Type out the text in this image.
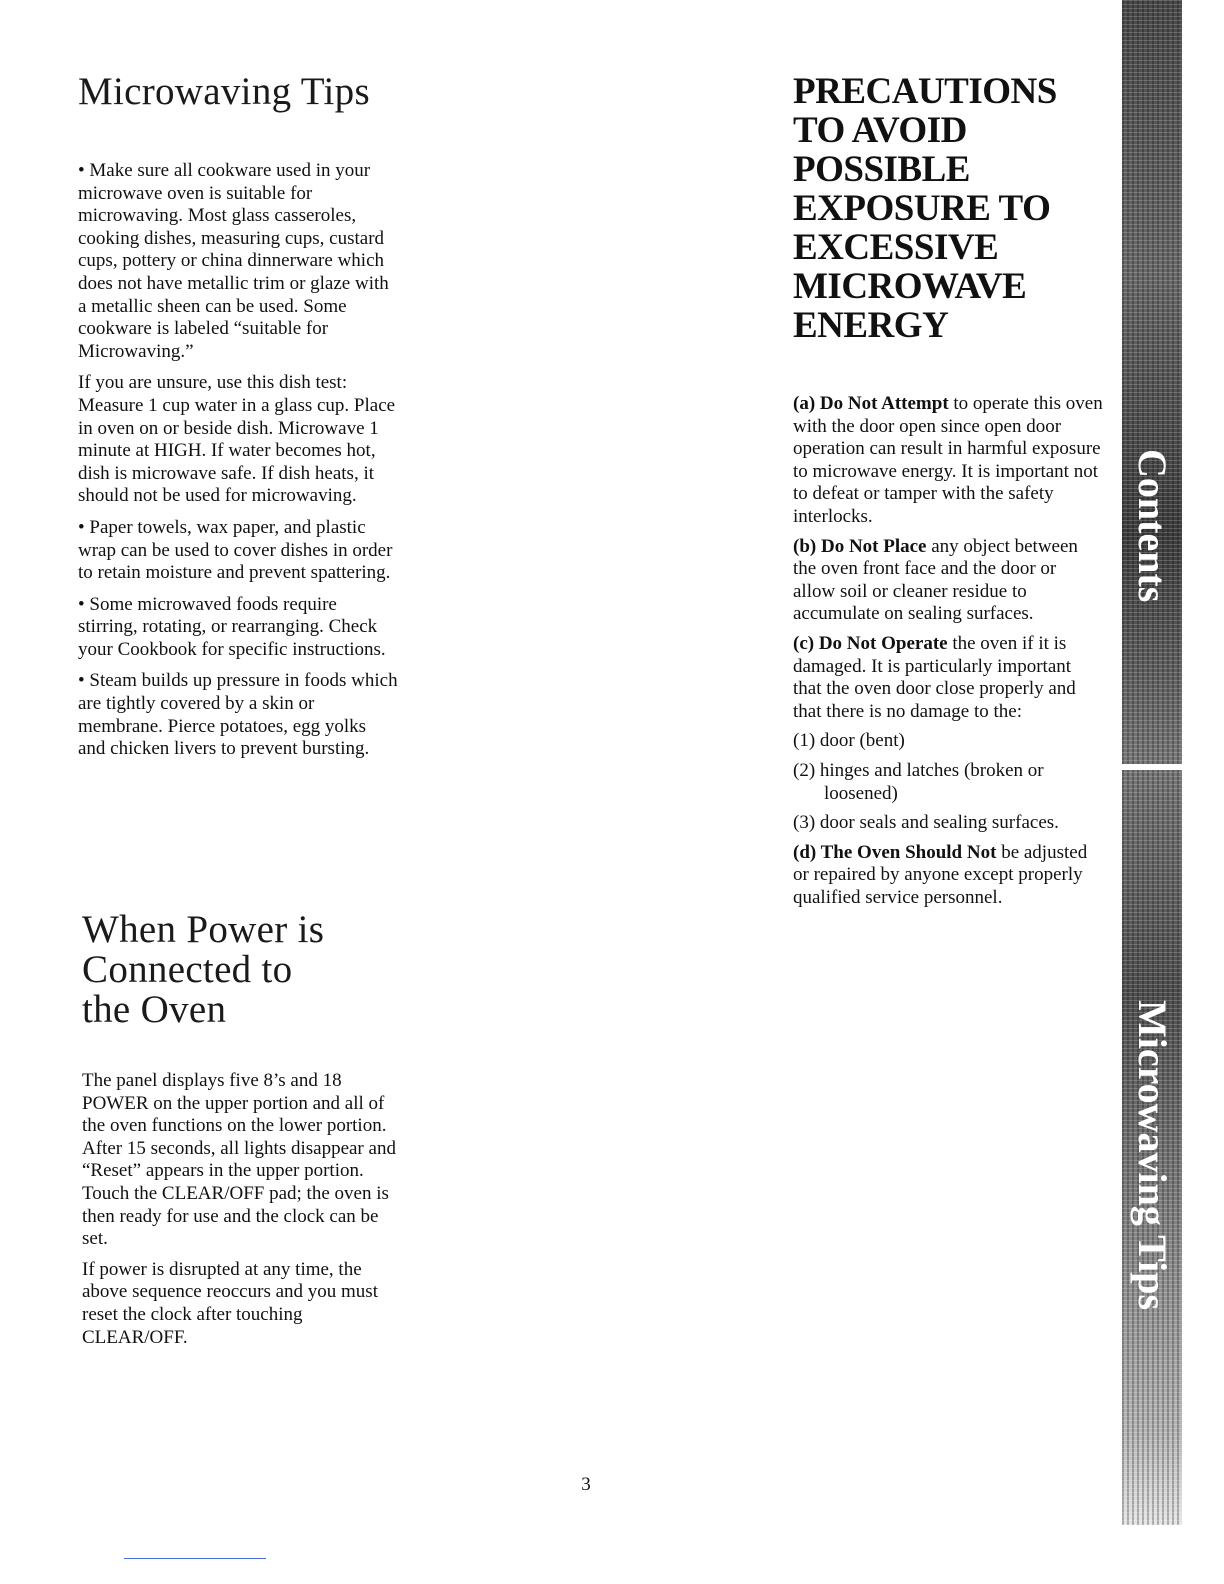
Microwaving Tips

• Make sure all cookware used in your microwave oven is suitable for microwaving. Most glass casseroles, cooking dishes, measuring cups, custard cups, pottery or china dinnerware which does not have metallic trim or glaze with a metallic sheen can be used. Some cookware is labeled “suitable for Microwaving.”

If you are unsure, use this dish test: Measure 1 cup water in a glass cup. Place in oven on or beside dish. Microwave 1 minute at HIGH. If water becomes hot, dish is microwave safe. If dish heats, it should not be used for microwaving.

• Paper towels, wax paper, and plastic wrap can be used to cover dishes in order to retain moisture and prevent spattering.

• Some microwaved foods require stirring, rotating, or rearranging. Check your Cookbook for specific instructions.

• Steam builds up pressure in foods which are tightly covered by a skin or membrane. Pierce potatoes, egg yolks and chicken livers to prevent bursting.

When Power is
Connected to
the Oven

The panel displays five 8’s and 18 POWER on the upper portion and all of the oven functions on the lower portion. After 15 seconds, all lights disappear and “Reset” appears in the upper portion. Touch the CLEAR/OFF pad; the oven is then ready for use and the clock can be set.

If power is disrupted at any time, the above sequence reoccurs and you must reset the clock after touching CLEAR/OFF.

PRECAUTIONS
TO AVOID
POSSIBLE
EXPOSURE TO
EXCESSIVE
MICROWAVE
ENERGY

(a) Do Not Attempt to operate this oven with the door open since open door operation can result in harmful exposure to microwave energy. It is important not to defeat or tamper with the safety interlocks.

(b) Do Not Place any object between the oven front face and the door or allow soil or cleaner residue to accumulate on sealing surfaces.

(c) Do Not Operate the oven if it is damaged. It is particularly important that the oven door close properly and that there is no damage to the:

(1) door (bent)

(2) hinges and latches (broken or loosened)

(3) door seals and sealing surfaces.

(d) The Oven Should Not be adjusted or repaired by anyone except properly qualified service personnel.

Contents
Microwaving Tips
3
